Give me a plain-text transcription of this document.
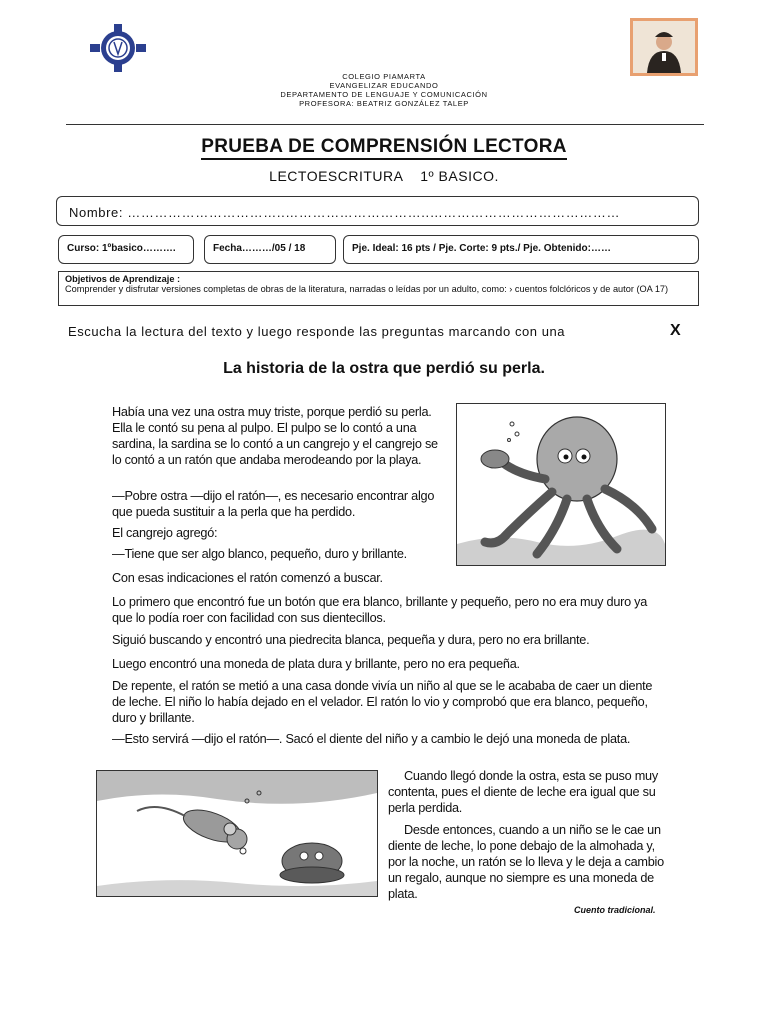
COLEGIO PIAMARTA
EVANGELIZAR EDUCANDO
DEPARTAMENTO DE LENGUAJE Y COMUNICACIÓN
PROFESORA: BEATRIZ GONZÁLEZ TALEP
PRUEBA DE COMPRENSIÓN LECTORA
LECTOESCRITURA    1º BASICO.
Nombre: ……………………………..…………………………..……………………………………
Curso: 1ºbasico……….	Fecha………/05 / 18	Pje. Ideal: 16 pts / Pje. Corte: 9 pts./ Pje. Obtenido:……
Objetivos de Aprendizaje :
Comprender y disfrutar versiones completas de obras de la literatura, narradas o leídas por un adulto, como: › cuentos folclóricos y de autor (OA 17)
Escucha la lectura del texto y luego responde las preguntas marcando con una	X
La historia de la ostra que perdió su perla.
Había una vez una ostra muy triste, porque perdió su perla. Ella le contó su pena al pulpo. El pulpo se lo contó a una sardina, la sardina se lo contó a un cangrejo y el cangrejo se lo contó a un ratón que andaba merodeando por la playa.
—Pobre ostra —dijo el ratón—, es necesario encontrar algo que pueda sustituir a la perla que ha perdido.
El cangrejo agregó:
—Tiene que ser algo blanco, pequeño, duro y brillante.
Con esas indicaciones el ratón comenzó a buscar.
Lo primero que encontró fue un botón que era blanco, brillante y pequeño, pero no era muy duro ya que lo podía roer con facilidad con sus dientecillos.
Siguió buscando y encontró una piedrecita blanca, pequeña y dura, pero no era brillante.
Luego encontró una moneda de plata dura y brillante, pero no era pequeña.
De repente, el ratón se metió a una casa donde vivía un niño al que se le acababa de caer un diente de leche. El niño lo había dejado en el velador. El ratón lo vio y comprobó que era blanco, pequeño, duro y brillante.
—Esto servirá —dijo el ratón—. Sacó el diente del niño y a cambio le dejó una moneda de plata.
Cuando llegó donde la ostra, esta se puso muy contenta, pues el diente de leche era igual que su perla perdida.
Desde entonces, cuando a un niño se le cae un diente de leche, lo pone debajo de la almohada y, por la noche, un ratón se lo lleva y le deja a cambio un regalo, aunque no siempre es una moneda de plata.
Cuento tradicional.
